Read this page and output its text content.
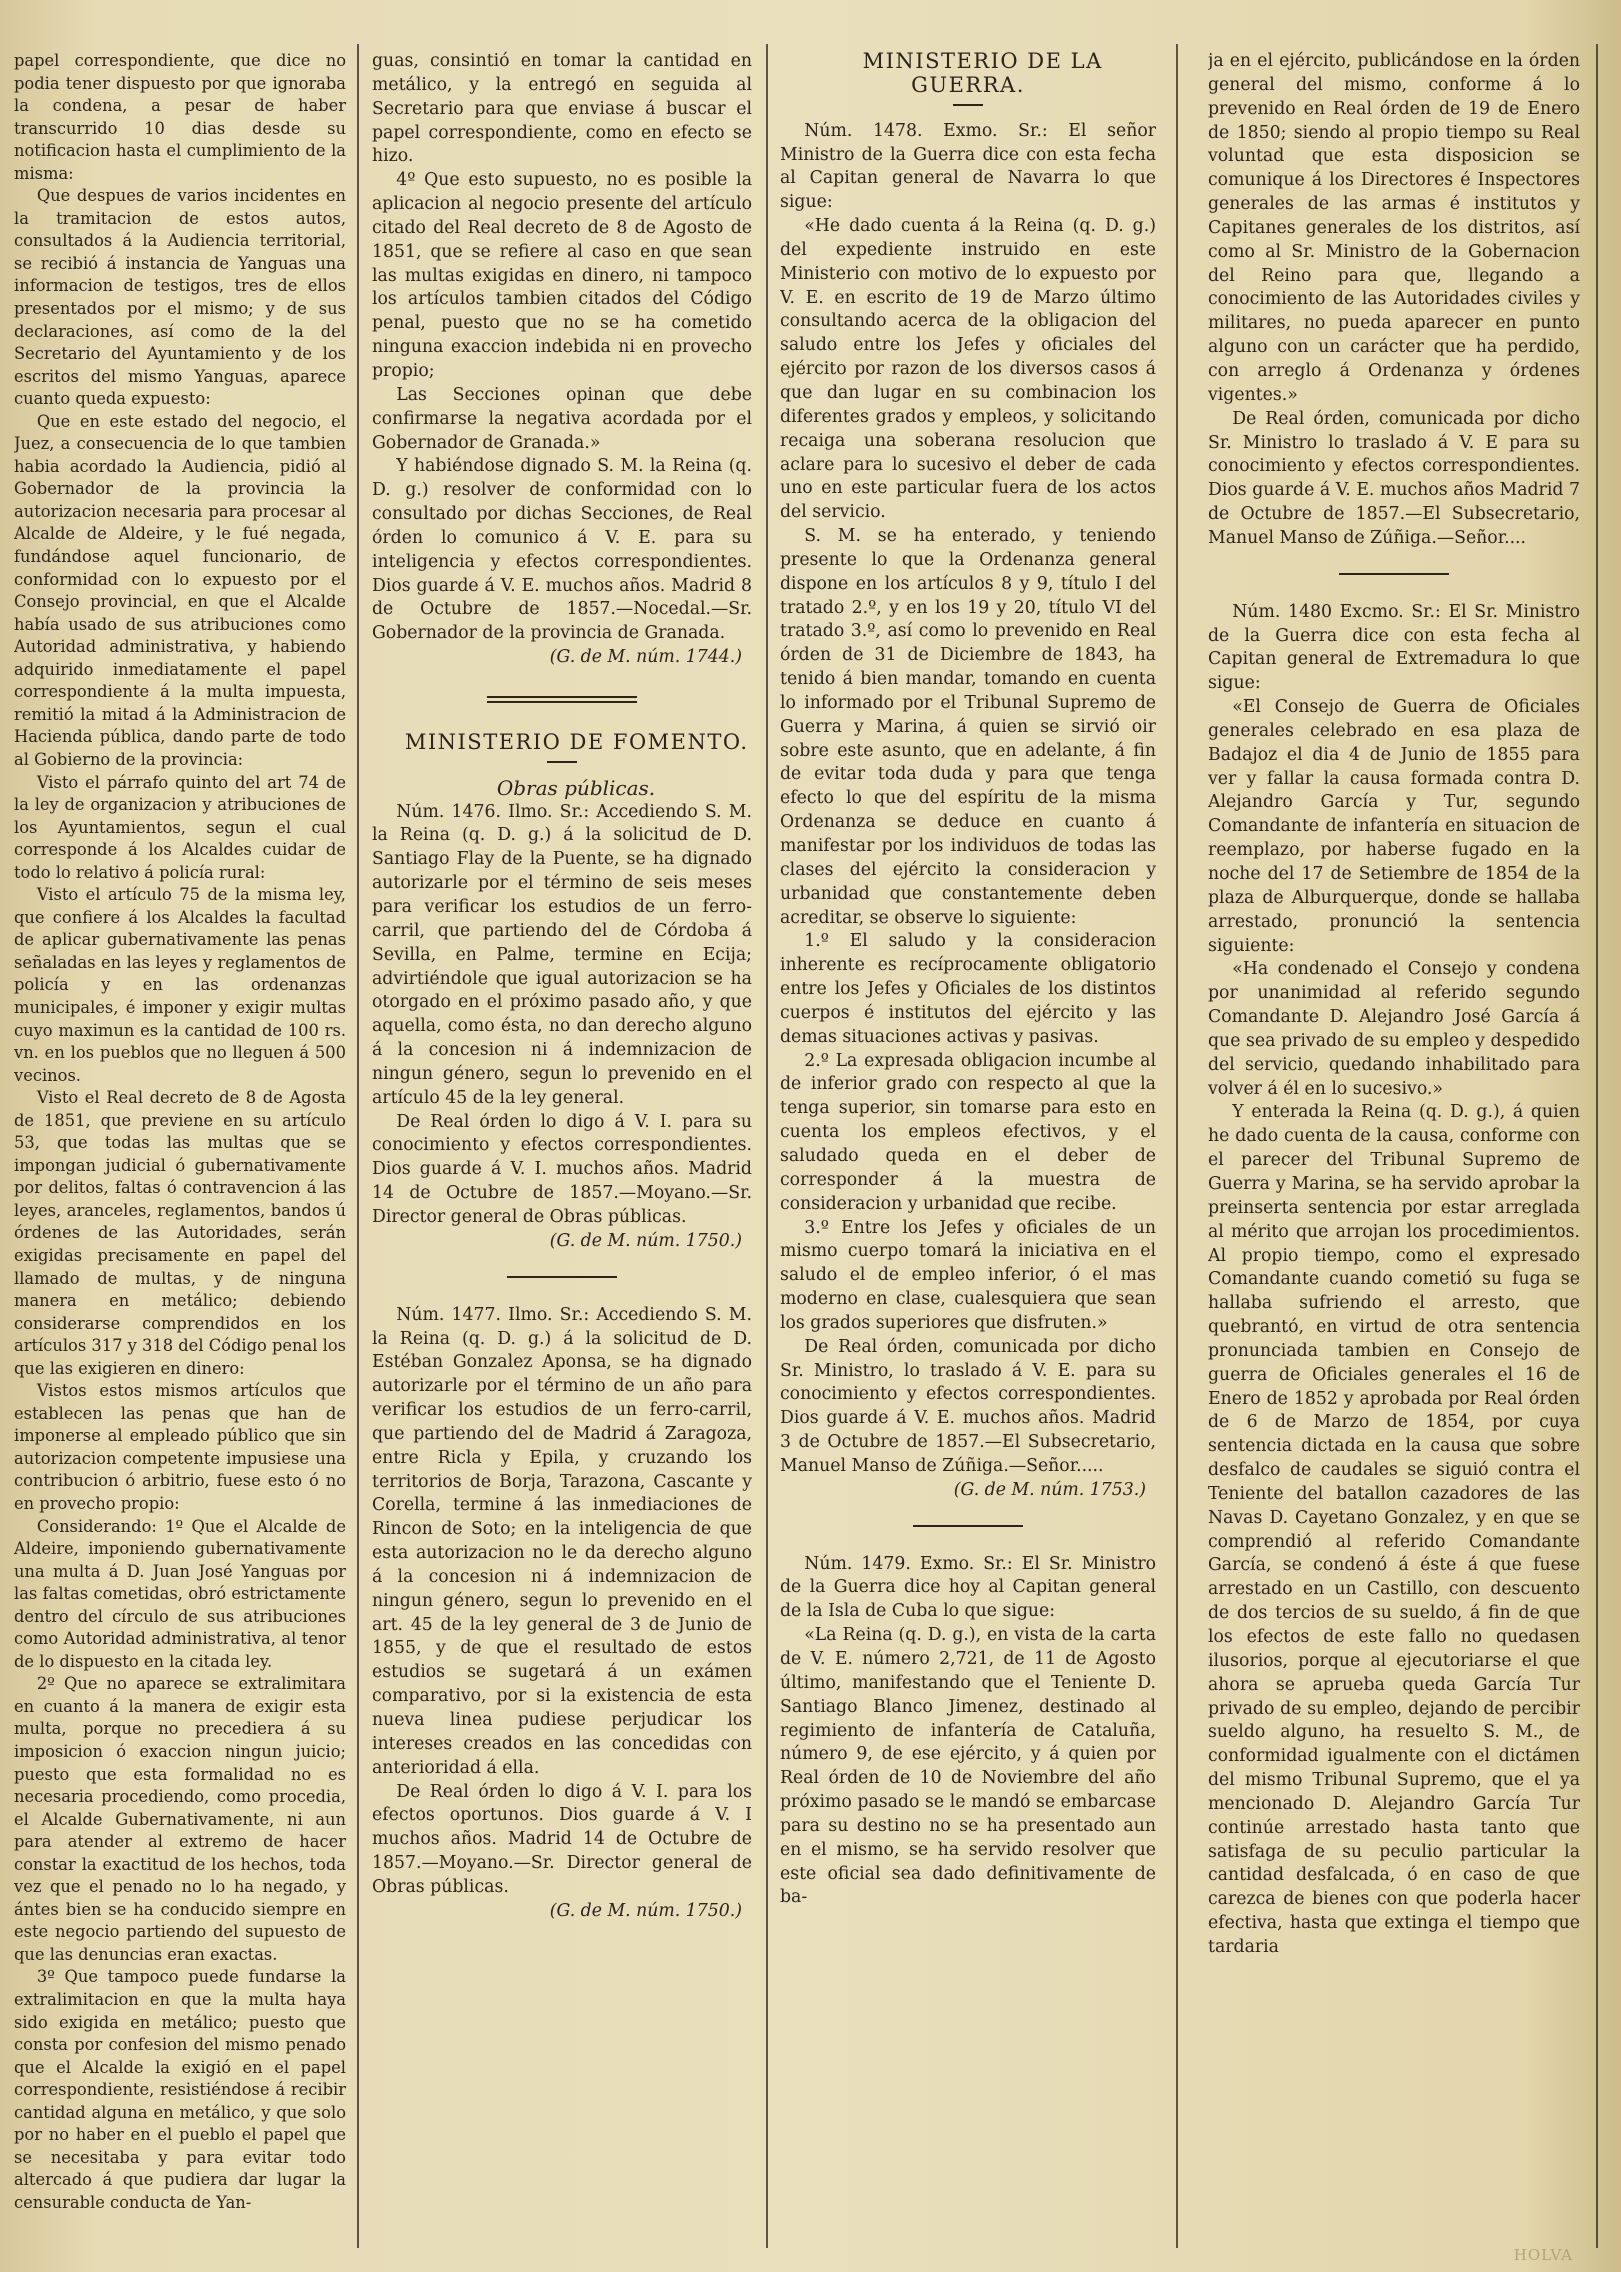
papel correspondiente, que dice no podia tener dispuesto por que ignoraba la condena, a pesar de haber transcurrido 10 dias desde su notificacion hasta el cumplimiento de la misma:

Que despues de varios incidentes en la tramitacion de estos autos, consultados á la Audiencia territorial, se recibió á instancia de Yanguas una informacion de testigos, tres de ellos presentados por el mismo; y de sus declaraciones, así como de la del Secretario del Ayuntamiento y de los escritos del mismo Yanguas, aparece cuanto queda expuesto:

Que en este estado del negocio, el Juez, a consecuencia de lo que tambien habia acordado la Audiencia, pidió al Gobernador de la provincia la autorizacion necesaria para procesar al Alcalde de Aldeire, y le fué negada, fundándose aquel funcionario, de conformidad con lo expuesto por el Consejo provincial, en que el Alcalde había usado de sus atribuciones como Autoridad administrativa, y habiendo adquirido inmediatamente el papel correspondiente á la multa impuesta, remitió la mitad á la Administracion de Hacienda pública, dando parte de todo al Gobierno de la provincia:

Visto el párrafo quinto del art 74 de la ley de organizacion y atribuciones de los Ayuntamientos, segun el cual corresponde á los Alcaldes cuidar de todo lo relativo á policía rural:

Visto el artículo 75 de la misma ley, que confiere á los Alcaldes la facultad de aplicar gubernativamente las penas señaladas en las leyes y reglamentos de policía y en las ordenanzas municipales, é imponer y exigir multas cuyo maximun es la cantidad de 100 rs. vn. en los pueblos que no lleguen á 500 vecinos.

Visto el Real decreto de 8 de Agosta de 1851, que previene en su artículo 53, que todas las multas que se impongan judicial ó gubernativamente por delitos, faltas ó contravencion á las leyes, aranceles, reglamentos, bandos ú órdenes de las Autoridades, serán exigidas precisamente en papel del llamado de multas, y de ninguna manera en metálico; debiendo considerarse comprendidos en los artículos 317 y 318 del Código penal los que las exigieren en dinero:

Vistos estos mismos artículos que establecen las penas que han de imponerse al empleado público que sin autorizacion competente impusiese una contribucion ó arbitrio, fuese esto ó no en provecho propio:

Considerando: 1º Que el Alcalde de Aldeire, imponiendo gubernativamente una multa á D. Juan José Yanguas por las faltas cometidas, obró estrictamente dentro del círculo de sus atribuciones como Autoridad administrativa, al tenor de lo dispuesto en la citada ley.

2º Que no aparece se extralimitara en cuanto á la manera de exigir esta multa, porque no precediera á su imposicion ó exaccion ningun juicio; puesto que esta formalidad no es necesaria procediendo, como procedia, el Alcalde Gubernativamente, ni aun para atender al extremo de hacer constar la exactitud de los hechos, toda vez que el penado no lo ha negado, y ántes bien se ha conducido siempre en este negocio partiendo del supuesto de que las denuncias eran exactas.

3º Que tampoco puede fundarse la extralimitacion en que la multa haya sido exigida en metálico; puesto que consta por confesion del mismo penado que el Alcalde la exigió en el papel correspondiente, resistiéndose á recibir cantidad alguna en metálico, y que solo por no haber en el pueblo el papel que se necesitaba y para evitar todo altercado á que pudiera dar lugar la censurable conducta de Yan-

guas, consintió en tomar la cantidad en metálico, y la entregó en seguida al Secretario para que enviase á buscar el papel correspondiente, como en efecto se hizo.

4º Que esto supuesto, no es posible la aplicacion al negocio presente del artículo citado del Real decreto de 8 de Agosto de 1851, que se refiere al caso en que sean las multas exigidas en dinero, ni tampoco los artículos tambien citados del Código penal, puesto que no se ha cometido ninguna exaccion indebida ni en provecho propio;

Las Secciones opinan que debe confirmarse la negativa acordada por el Gobernador de Granada.»

Y habiéndose dignado S. M. la Reina (q. D. g.) resolver de conformidad con lo consultado por dichas Secciones, de Real órden lo comunico á V. E. para su inteligencia y efectos correspondientes. Dios guarde á V. E. muchos años. Madrid 8 de Octubre de 1857.—Nocedal.—Sr. Gobernador de la provincia de Granada.

(G. de M. núm. 1744.)

MINISTERIO DE FOMENTO.

Obras públicas.

Núm. 1476. Ilmo. Sr.: Accediendo S. M. la Reina (q. D. g.) á la solicitud de D. Santiago Flay de la Puente, se ha dignado autorizarle por el término de seis meses para verificar los estudios de un ferro-carril, que partiendo del de Córdoba á Sevilla, en Palme, termine en Ecija; advirtiéndole que igual autorizacion se ha otorgado en el próximo pasado año, y que aquella, como ésta, no dan derecho alguno á la concesion ni á indemnizacion de ningun género, segun lo prevenido en el artículo 45 de la ley general.

De Real órden lo digo á V. I. para su conocimiento y efectos correspondientes. Dios guarde á V. I. muchos años. Madrid 14 de Octubre de 1857.—Moyano.—Sr. Director general de Obras públicas.

(G. de M. núm. 1750.)

Núm. 1477. Ilmo. Sr.: Accediendo S. M. la Reina (q. D. g.) á la solicitud de D. Estéban Gonzalez Aponsa, se ha dignado autorizarle por el término de un año para verificar los estudios de un ferro-carril, que partiendo del de Madrid á Zaragoza, entre Ricla y Epila, y cruzando los territorios de Borja, Tarazona, Cascante y Corella, termine á las inmediaciones de Rincon de Soto; en la inteligencia de que esta autorizacion no le da derecho alguno á la concesion ni á indemnizacion de ningun género, segun lo prevenido en el art. 45 de la ley general de 3 de Junio de 1855, y de que el resultado de estos estudios se sugetará á un exámen comparativo, por si la existencia de esta nueva linea pudiese perjudicar los intereses creados en las concedidas con anterioridad á ella.

De Real órden lo digo á V. I. para los efectos oportunos. Dios guarde á V. I muchos años. Madrid 14 de Octubre de 1857.—Moyano.—Sr. Director general de Obras públicas.

(G. de M. núm. 1750.)

MINISTERIO DE LA GUERRA.

Núm. 1478. Exmo. Sr.: El señor Ministro de la Guerra dice con esta fecha al Capitan general de Navarra lo que sigue:

«He dado cuenta á la Reina (q. D. g.) del expediente instruido en este Ministerio con motivo de lo expuesto por V. E. en escrito de 19 de Marzo último consultando acerca de la obligacion del saludo entre los Jefes y oficiales del ejército por razon de los diversos casos á que dan lugar en su combinacion los diferentes grados y empleos, y solicitando recaiga una soberana resolucion que aclare para lo sucesivo el deber de cada uno en este particular fuera de los actos del servicio.

S. M. se ha enterado, y teniendo presente lo que la Ordenanza general dispone en los artículos 8 y 9, título I del tratado 2.º, y en los 19 y 20, título VI del tratado 3.º, así como lo prevenido en Real órden de 31 de Diciembre de 1843, ha tenido á bien mandar, tomando en cuenta lo informado por el Tribunal Supremo de Guerra y Marina, á quien se sirvió oir sobre este asunto, que en adelante, á fin de evitar toda duda y para que tenga efecto lo que del espíritu de la misma Ordenanza se deduce en cuanto á manifestar por los individuos de todas las clases del ejército la consideracion y urbanidad que constantemente deben acreditar, se observe lo siguiente:

1.º El saludo y la consideracion inherente es recíprocamente obligatorio entre los Jefes y Oficiales de los distintos cuerpos é institutos del ejército y las demas situaciones activas y pasivas.

2.º La expresada obligacion incumbe al de inferior grado con respecto al que la tenga superior, sin tomarse para esto en cuenta los empleos efectivos, y el saludado queda en el deber de corresponder á la muestra de consideracion y urbanidad que recibe.

3.º Entre los Jefes y oficiales de un mismo cuerpo tomará la iniciativa en el saludo el de empleo inferior, ó el mas moderno en clase, cualesquiera que sean los grados superiores que disfruten.»

De Real órden, comunicada por dicho Sr. Ministro, lo traslado á V. E. para su conocimiento y efectos correspondientes. Dios guarde á V. E. muchos años. Madrid 3 de Octubre de 1857.—El Subsecretario, Manuel Manso de Zúñiga.—Señor.....

(G. de M. núm. 1753.)

Núm. 1479. Exmo. Sr.: El Sr. Ministro de la Guerra dice hoy al Capitan general de la Isla de Cuba lo que sigue:

«La Reina (q. D. g.), en vista de la carta de V. E. número 2,721, de 11 de Agosto último, manifestando que el Teniente D. Santiago Blanco Jimenez, destinado al regimiento de infantería de Cataluña, número 9, de ese ejército, y á quien por Real órden de 10 de Noviembre del año próximo pasado se le mandó se embarcase para su destino no se ha presentado aun en el mismo, se ha servido resolver que este oficial sea dado definitivamente de ba-

ja en el ejército, publicándose en la órden general del mismo, conforme á lo prevenido en Real órden de 19 de Enero de 1850; siendo al propio tiempo su Real voluntad que esta disposicion se comunique á los Directores é Inspectores generales de las armas é institutos y Capitanes generales de los distritos, así como al Sr. Ministro de la Gobernacion del Reino para que, llegando a conocimiento de las Autoridades civiles y militares, no pueda aparecer en punto alguno con un carácter que ha perdido, con arreglo á Ordenanza y órdenes vigentes.»

De Real órden, comunicada por dicho Sr. Ministro lo traslado á V. E para su conocimiento y efectos correspondientes. Dios guarde á V. E. muchos años Madrid 7 de Octubre de 1857.—El Subsecretario, Manuel Manso de Zúñiga.—Señor....

Núm. 1480 Excmo. Sr.: El Sr. Ministro de la Guerra dice con esta fecha al Capitan general de Extremadura lo que sigue:

«El Consejo de Guerra de Oficiales generales celebrado en esa plaza de Badajoz el dia 4 de Junio de 1855 para ver y fallar la causa formada contra D. Alejandro García y Tur, segundo Comandante de infantería en situacion de reemplazo, por haberse fugado en la noche del 17 de Setiembre de 1854 de la plaza de Alburquerque, donde se hallaba arrestado, pronunció la sentencia siguiente:

«Ha condenado el Consejo y condena por unanimidad al referido segundo Comandante D. Alejandro José García á que sea privado de su empleo y despedido del servicio, quedando inhabilitado para volver á él en lo sucesivo.»

Y enterada la Reina (q. D. g.), á quien he dado cuenta de la causa, conforme con el parecer del Tribunal Supremo de Guerra y Marina, se ha servido aprobar la preinserta sentencia por estar arreglada al mérito que arrojan los procedimientos. Al propio tiempo, como el expresado Comandante cuando cometió su fuga se hallaba sufriendo el arresto, que quebrantó, en virtud de otra sentencia pronunciada tambien en Consejo de guerra de Oficiales generales el 16 de Enero de 1852 y aprobada por Real órden de 6 de Marzo de 1854, por cuya sentencia dictada en la causa que sobre desfalco de caudales se siguió contra el Teniente del batallon cazadores de las Navas D. Cayetano Gonzalez, y en que se comprendió al referido Comandante García, se condenó á éste á que fuese arrestado en un Castillo, con descuento de dos tercios de su sueldo, á fin de que los efectos de este fallo no quedasen ilusorios, porque al ejecutoriarse el que ahora se aprueba queda García Tur privado de su empleo, dejando de percibir sueldo alguno, ha resuelto S. M., de conformidad igualmente con el dictámen del mismo Tribunal Supremo, que el ya mencionado D. Alejandro García Tur continúe arrestado hasta tanto que satisfaga de su peculio particular la cantidad desfalcada, ó en caso de que carezca de bienes con que poderla hacer efectiva, hasta que extinga el tiempo que tardaria

HOLVA
